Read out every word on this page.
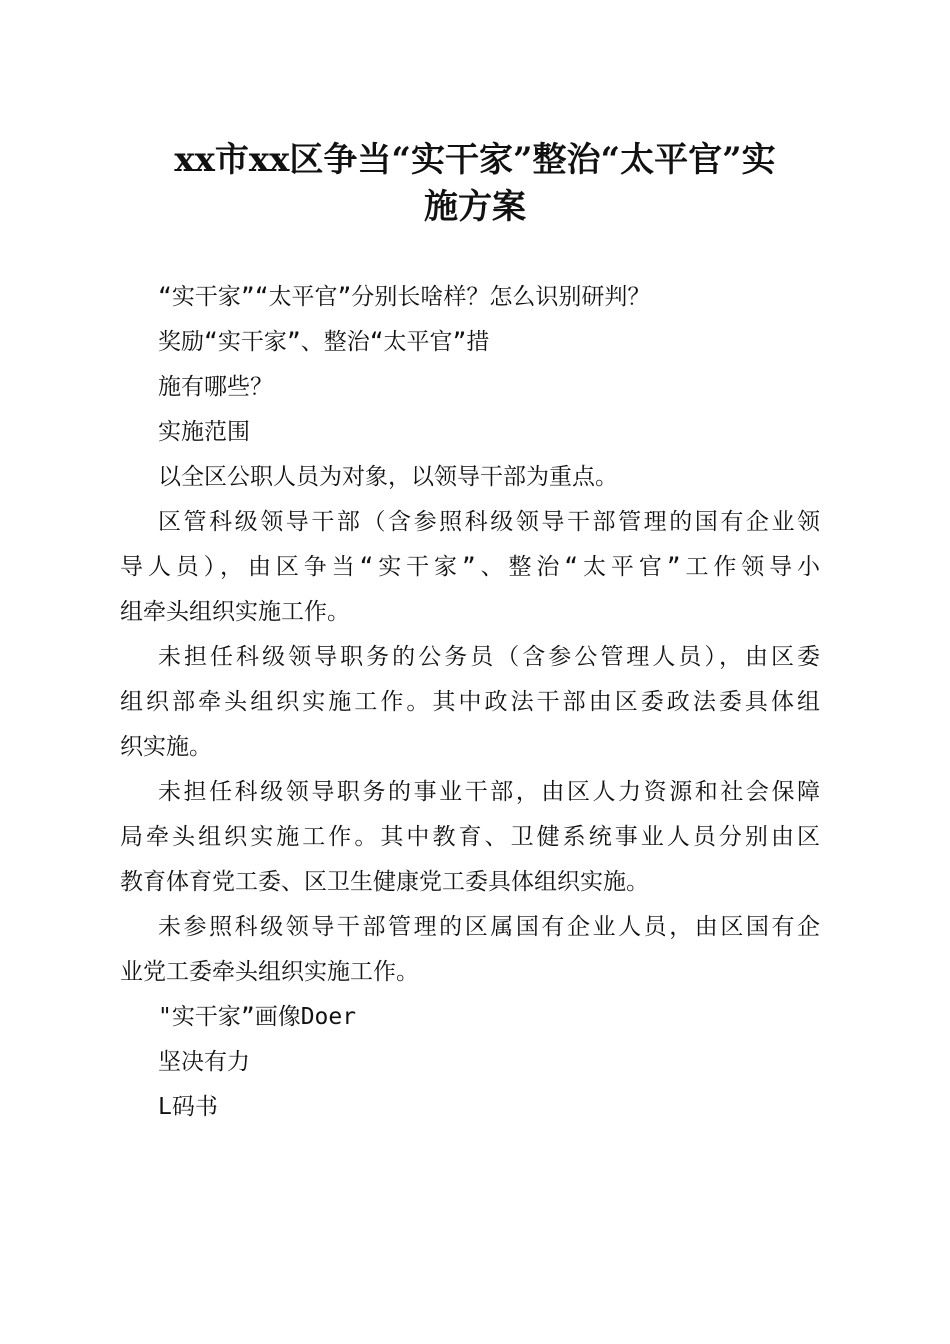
xx市xx区争当“实干家”整治“太平官”实
施方案
“实干家”“太平官”分别长啥样？怎么识别研判？
奖励“实干家”、整治“太平官”措
施有哪些？
实施范围
以全区公职人员为对象，以领导干部为重点。
区管科级领导干部（含参照科级领导干部管理的国有企业领
导人员），由区争当“实干家”、整治“太平官”工作领导小
组牵头组织实施工作。
未担任科级领导职务的公务员（含参公管理人员），由区委
组织部牵头组织实施工作。其中政法干部由区委政法委具体组
织实施。
未担任科级领导职务的事业干部，由区人力资源和社会保障
局牵头组织实施工作。其中教育、卫健系统事业人员分别由区
教育体育党工委、区卫生健康党工委具体组织实施。
未参照科级领导干部管理的区属国有企业人员，由区国有企
业党工委牵头组织实施工作。
"实干家”画像Doer
坚决有力
L码书
